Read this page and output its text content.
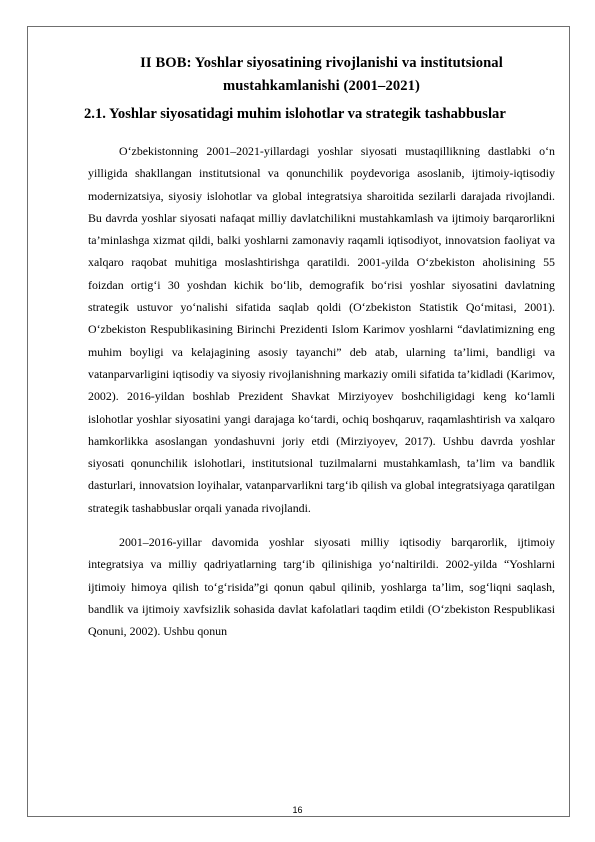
II BOB: Yoshlar siyosatining rivojlanishi va institutsional mustahkamlanishi (2001–2021)
2.1. Yoshlar siyosatidagi muhim islohotlar va strategik tashabbuslar

O‘zbekistonning 2001–2021-yillardagi yoshlar siyosati mustaqillikning dastlabki o‘n yilligida shakllangan institutsional va qonunchilik poydevoriga asoslanib, ijtimoiy-iqtisodiy modernizatsiya, siyosiy islohotlar va global integratsiya sharoitida sezilarli darajada rivojlandi. Bu davrda yoshlar siyosati nafaqat milliy davlatchilikni mustahkamlash va ijtimoiy barqarorlikni ta’minlashga xizmat qildi, balki yoshlarni zamonaviy raqamli iqtisodiyot, innovatsion faoliyat va xalqaro raqobat muhitiga moslashtirishga qaratildi. 2001-yilda O‘zbekiston aholisining 55 foizdan ortig‘i 30 yoshdan kichik bo‘lib, demografik bo‘risi yoshlar siyosatini davlatning strategik ustuvor yo‘nalishi sifatida saqlab qoldi (O‘zbekiston Statistik Qo‘mitasi, 2001). O‘zbekiston Respublikasining Birinchi Prezidenti Islom Karimov yoshlarni “davlatimizning eng muhim boyligi va kelajagining asosiy tayanchi” deb atab, ularning ta’limi, bandligi va vatanparvarligini iqtisodiy va siyosiy rivojlanishning markaziy omili sifatida ta’kidladi (Karimov, 2002). 2016-yildan boshlab Prezident Shavkat Mirziyoyev boshchiligidagi keng ko‘lamli islohotlar yoshlar siyosatini yangi darajaga ko‘tardi, ochiq boshqaruv, raqamlashtirish va xalqaro hamkorlikka asoslangan yondashuvni joriy etdi (Mirziyoyev, 2017). Ushbu davrda yoshlar siyosati qonunchilik islohotlari, institutsional tuzilmalarni mustahkamlash, ta’lim va bandlik dasturlari, innovatsion loyihalar, vatanparvarlikni targ‘ib qilish va global integratsiyaga qaratilgan strategik tashabbuslar orqali yanada rivojlandi.

2001–2016-yillar davomida yoshlar siyosati milliy iqtisodiy barqarorlik, ijtimoiy integratsiya va milliy qadriyatlarning targ‘ib qilinishiga yo‘naltirildi. 2002-yilda “Yoshlarni ijtimoiy himoya qilish to‘g‘risida”gi qonun qabul qilinib, yoshlarga ta’lim, sog‘liqni saqlash, bandlik va ijtimoiy xavfsizlik sohasida davlat kafolatlari taqdim etildi (O‘zbekiston Respublikasi Qonuni, 2002). Ushbu qonun

16
